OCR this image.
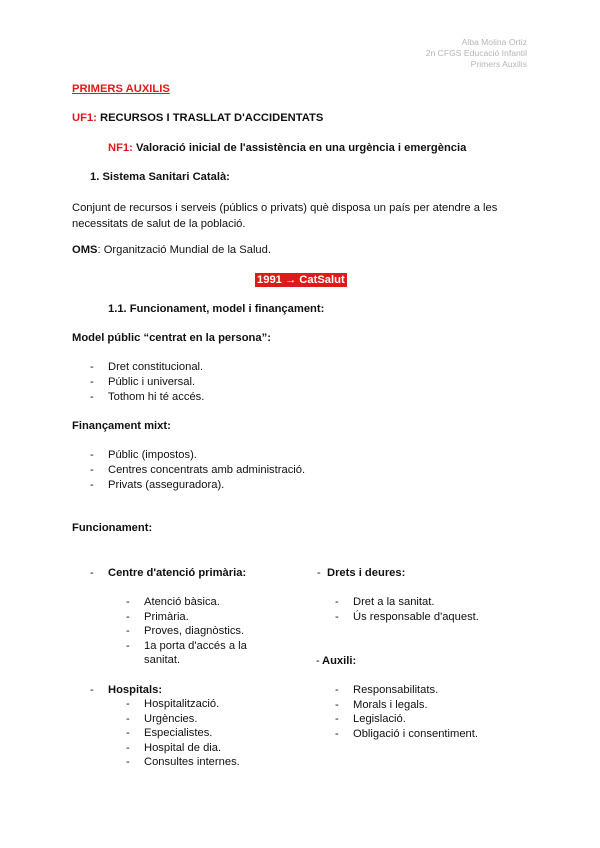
Alba Molina Ortiz
2n CFGS Educació Infantil
Primers Auxilis
PRIMERS AUXILIS
UF1: RECURSOS I TRASLLAT D'ACCIDENTATS
NF1: Valoració inicial de l'assistència en una urgència i emergència
1. Sistema Sanitari Català:
Conjunt de recursos i serveis (públics o privats) què disposa un país per atendre a les necessitats de salut de la població.
OMS: Organització Mundial de la Salud.
1991 → CatSalut
1.1. Funcionament, model i finançament:
Model públic “centrat en la persona”:
- Dret constitucional.
- Públic i universal.
- Tothom hi té accés.
Finançament mixt:
- Públic (impostos).
- Centres concentrats amb administració.
- Privats (asseguradora).
Funcionament:
- Centre d'atenció primària:
- Atenció bàsica.
- Primària.
- Proves, diagnòstics.
- 1a porta d'accés a la
sanitat.
- Hospitals:
- Hospitalització.
- Urgències.
- Especialistes.
- Hospital de dia.
- Consultes internes.
- Drets i deures:
- Dret a la sanitat.
- Ús responsable d'aquest.
- Auxili:
- Responsabilitats.
- Morals i legals.
- Legislació.
- Obligació i consentiment.
